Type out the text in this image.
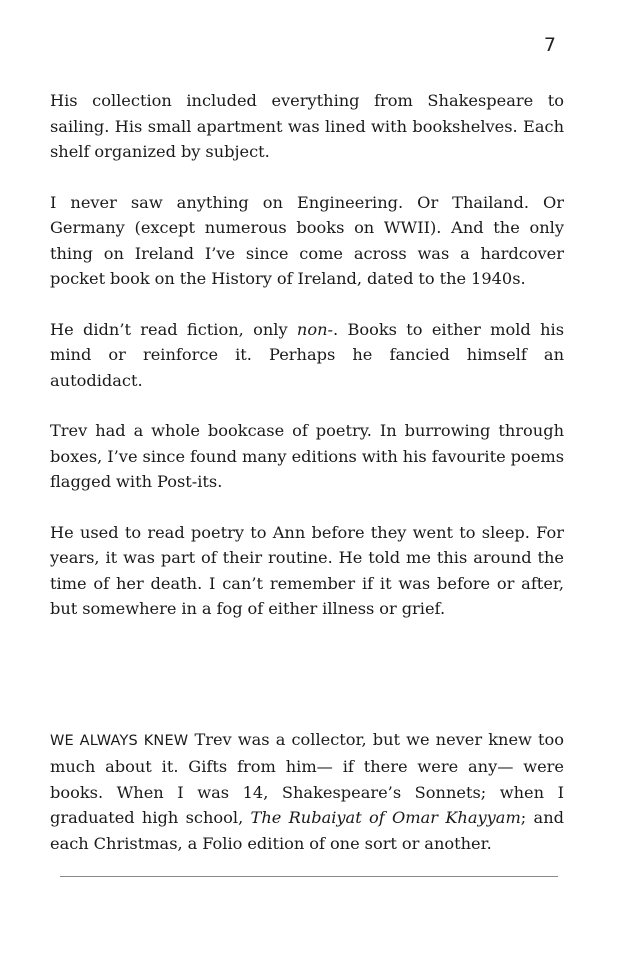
7

His collection included everything from Shakespeare to sailing. His small apartment was lined with bookshelves. Each shelf organized by subject.

I never saw anything on Engineering. Or Thailand. Or Germany (except numerous books on WWII). And the only thing on Ireland I’ve since come across was a hardcover pocket book on the History of Ireland, dated to the 1940s.

He didn’t read fiction, only non-. Books to either mold his mind or reinforce it. Perhaps he fancied himself an autodidact.

Trev had a whole bookcase of poetry. In burrowing through boxes, I’ve since found many editions with his favourite poems flagged with Post-its.

He used to read poetry to Ann before they went to sleep. For years, it was part of their routine. He told me this around the time of her death. I can’t remember if it was before or after, but somewhere in a fog of either illness or grief.

WE ALWAYS KNEW Trev was a collector, but we never knew too much about it. Gifts from him— if there were any— were books. When I was 14, Shakespeare’s Sonnets; when I graduated high school, The Rubaiyat of Omar Khayyam; and each Christmas, a Folio edition of one sort or another.
